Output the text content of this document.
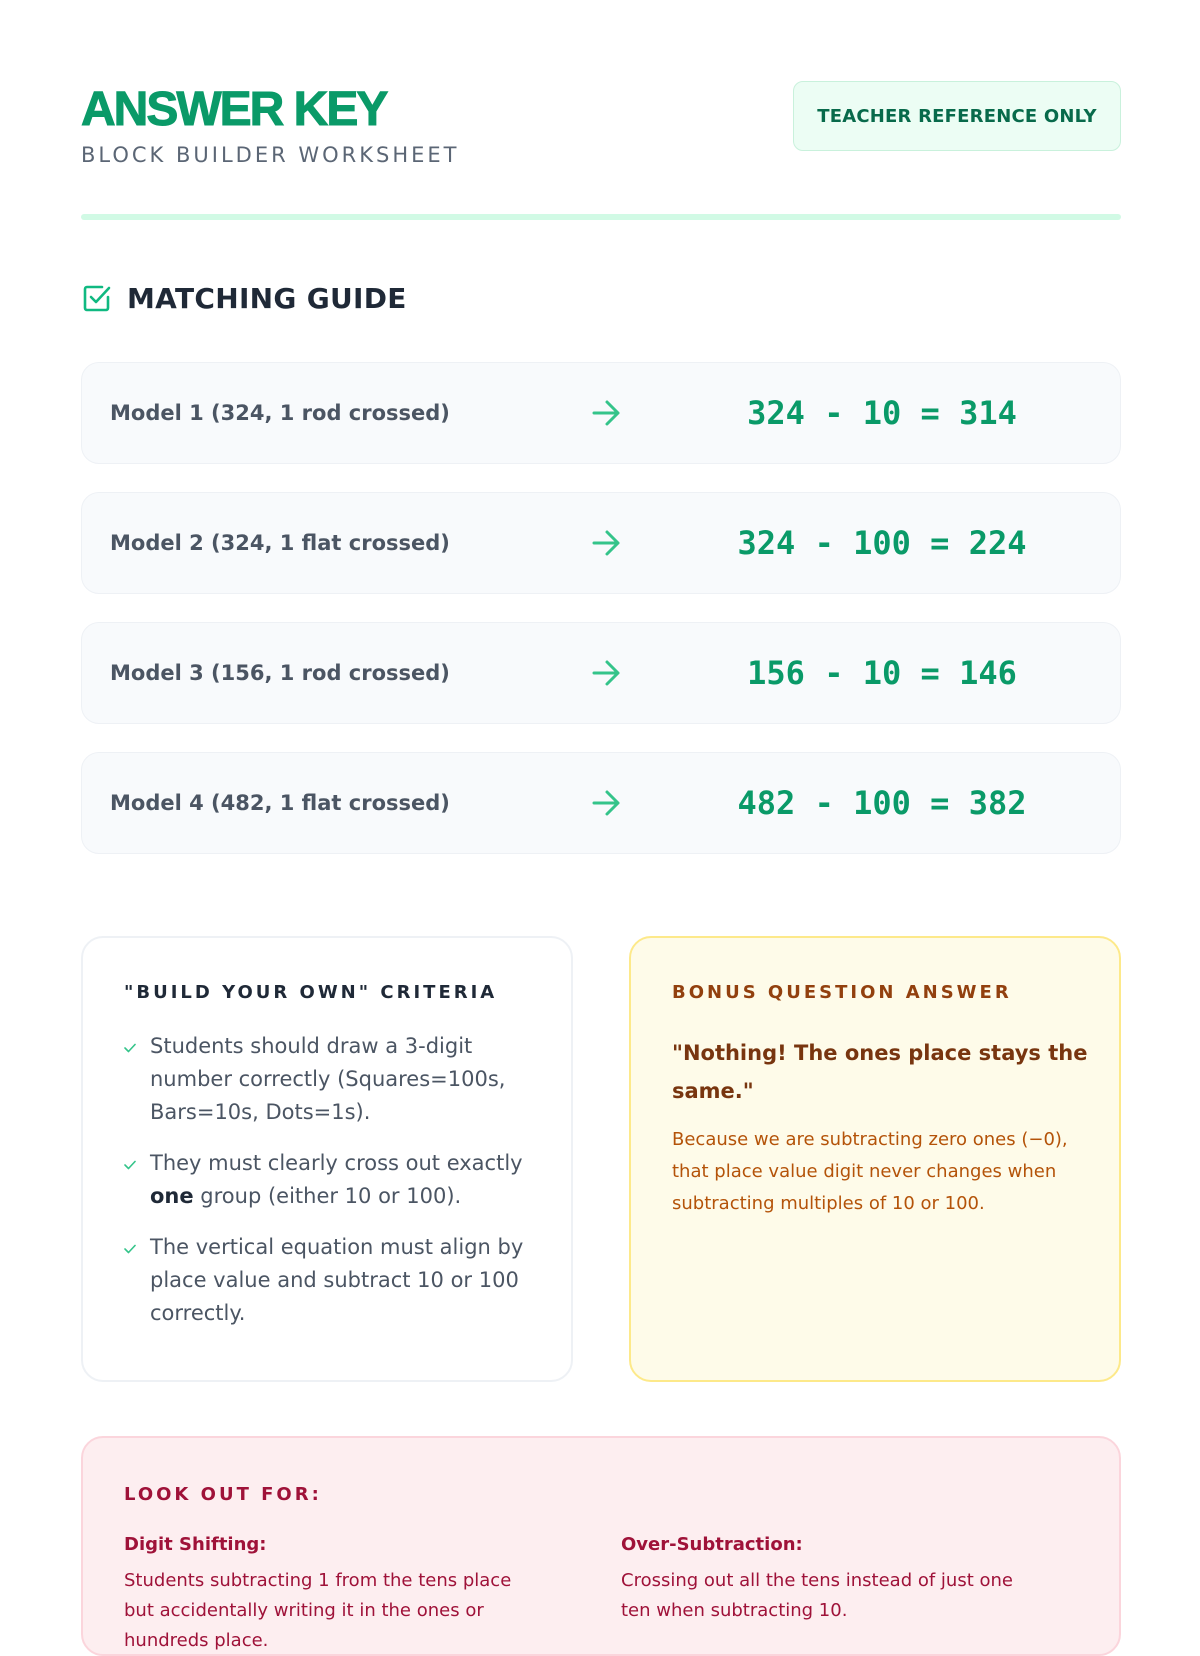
ANSWER KEY
BLOCK BUILDER WORKSHEET
TEACHER REFERENCE ONLY
MATCHING GUIDE
Model 1 (324, 1 rod crossed)	324 - 10 = 314
Model 2 (324, 1 flat crossed)	324 - 100 = 224
Model 3 (156, 1 rod crossed)	156 - 10 = 146
Model 4 (482, 1 flat crossed)	482 - 100 = 382
"BUILD YOUR OWN" CRITERIA
Students should draw a 3-digit number correctly (Squares=100s, Bars=10s, Dots=1s).
They must clearly cross out exactly one group (either 10 or 100).
The vertical equation must align by place value and subtract 10 or 100 correctly.
BONUS QUESTION ANSWER
"Nothing! The ones place stays the same."
Because we are subtracting zero ones (−0), that place value digit never changes when subtracting multiples of 10 or 100.
LOOK OUT FOR:
Digit Shifting:
Students subtracting 1 from the tens place but accidentally writing it in the ones or hundreds place.
Over-Subtraction:
Crossing out all the tens instead of just one ten when subtracting 10.
